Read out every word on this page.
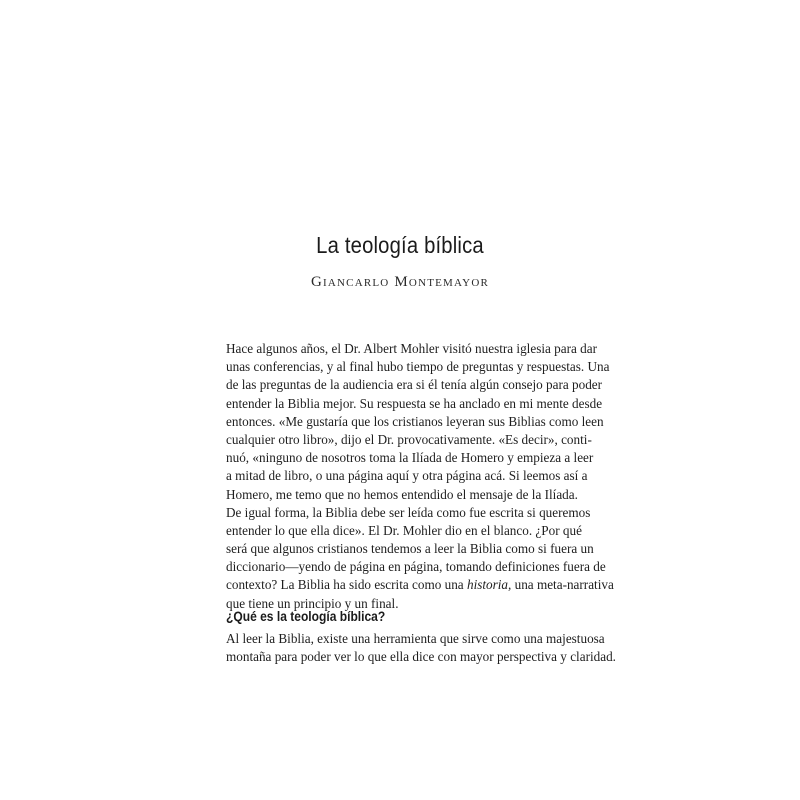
La teología bíblica
Giancarlo Montemayor
Hace algunos años, el Dr. Albert Mohler visitó nuestra iglesia para dar
unas conferencias, y al final hubo tiempo de preguntas y respuestas. Una
de las preguntas de la audiencia era si él tenía algún consejo para poder
entender la Biblia mejor. Su respuesta se ha anclado en mi mente desde
entonces. «Me gustaría que los cristianos leyeran sus Biblias como leen
cualquier otro libro», dijo el Dr. provocativamente. «Es decir», conti-
nuó, «ninguno de nosotros toma la Ilíada de Homero y empieza a leer
a mitad de libro, o una página aquí y otra página acá. Si leemos así a
Homero, me temo que no hemos entendido el mensaje de la Ilíada.
De igual forma, la Biblia debe ser leída como fue escrita si queremos
entender lo que ella dice». El Dr. Mohler dio en el blanco. ¿Por qué
será que algunos cristianos tendemos a leer la Biblia como si fuera un
diccionario—yendo de página en página, tomando definiciones fuera de
contexto? La Biblia ha sido escrita como una historia, una meta-narrativa
que tiene un principio y un final.
¿Qué es la teología bíblica?
Al leer la Biblia, existe una herramienta que sirve como una majestuosa
montaña para poder ver lo que ella dice con mayor perspectiva y claridad.
